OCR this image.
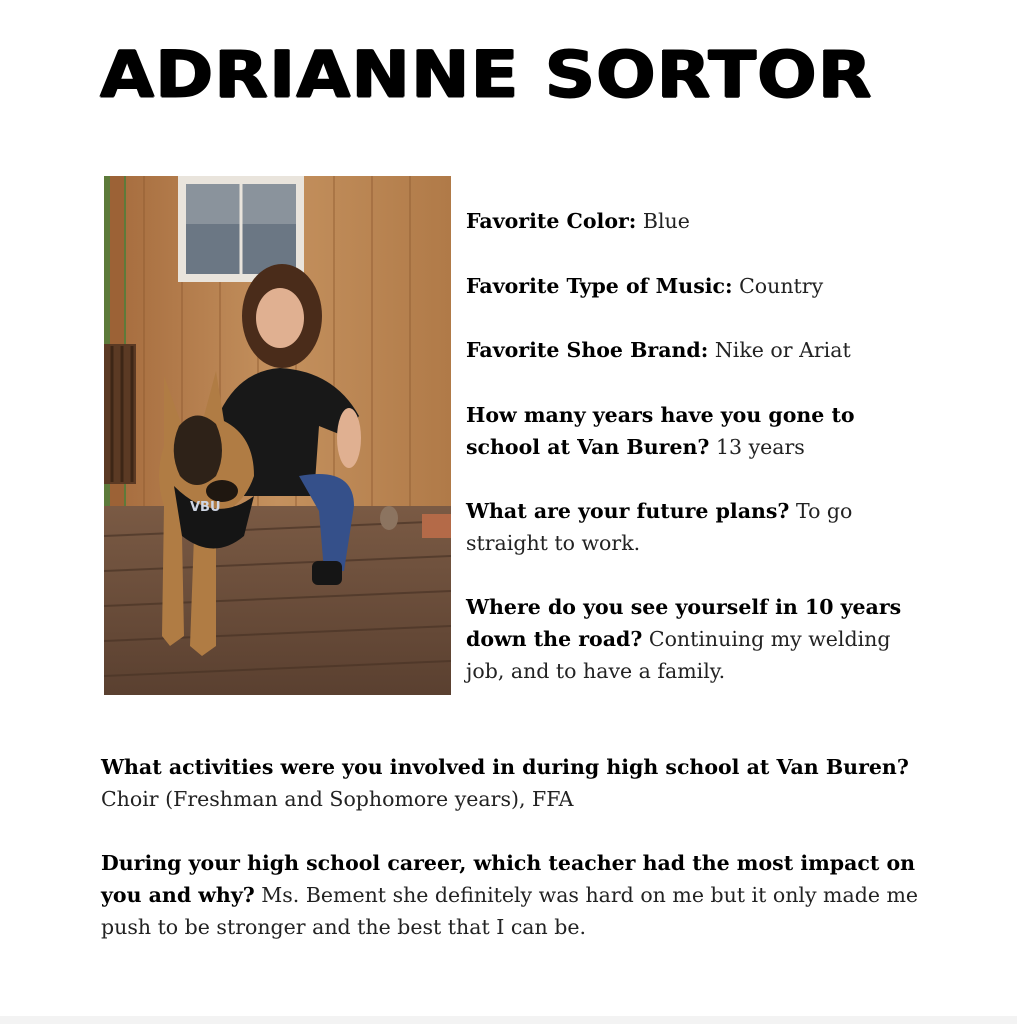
ADRIANNE SORTOR
VBU
Favorite Color: Blue
Favorite Type of Music: Country
Favorite Shoe Brand: Nike or Ariat
How many years have you gone to school at Van Buren? 13 years
What are your future plans? To go straight to work.
Where do you see yourself in 10 years down the road? Continuing my welding job, and to have a family.
What activities were you involved in during high school at Van Buren? Choir (Freshman and Sophomore years), FFA
During your high school career, which teacher had the most impact on you and why? Ms. Bement she definitely was hard on me but it only made me push to be stronger and the best that I can be.
